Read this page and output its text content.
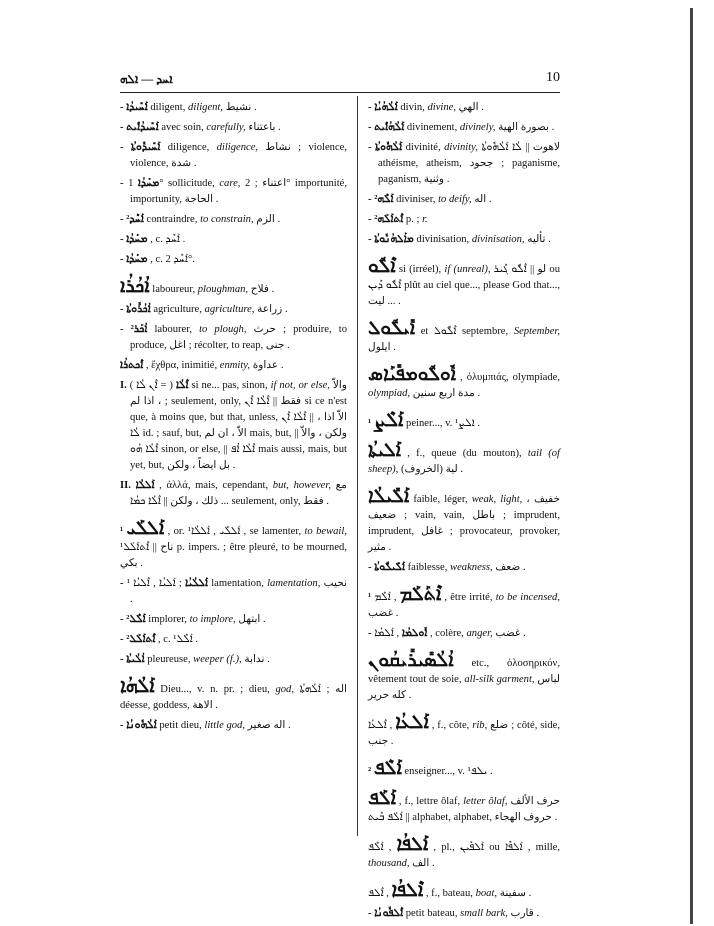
ܐܚܕ — ܐܠܗ	10
- ܐܰܚܺܝܕܳܐ diligent, diligent, نشيط .
- ܐܰܚܺܝܕܳܐܺܝܬ avec soin, carefully, باعتناء .
- ܐܰܚܺܝܕܽܘܬܳܐ diligence, diligence, نشاط ; violence, violence, شدة .
- ܡܚܰܕܳܐ 1° sollicitude, care, اعتناء ; 2° importunité, importunity, الحاجة .
- ²ܐܰܚܶܕ contraindre, to constrain, الزم .
- ܡܚܰܕܳܐ , c. ܐܰܚܶܕ .
- ܡܚܰܕܳܐ , c. ܐܰܚܶܕ 2°.
ܐܳܟܳܪܳܐ laboureur, ploughman, فلاح .
- ܐܳܟܳܪܽܘܬܳܐ agriculture, agriculture, زراعة .
- ²ܐܳܟܰܪ labourer, to plough, حرث ; produire, to produce, اغل ; récolter, to reap, جنى .
ܐܶܟܬܪܳܐ , ἔχθρα, inimitié, enmity, عداوة .
I.	ܐܶܠܳܐ ( = ܐܶܢ ܠܳܐ ) si ne... pas, sinon, if not, or else, والاّ ، اذا لم ; seulement, only, فقط || ܐܶܠܳܐ ܐܶܢ si ce n'est que, à moins que, but that, unless, الاّ اذا ، || ܐܶܠܳܐ ܐܶܢ ܠܳܐ id. ; sauf, but, الاّ ، ان لم mais, but, ولكن ، والاّ || ܐܶܠܳܐ ܗܳܘ sinon, or else, || ܐܶܠܳܐ ܐܳܦ mais aussi, mais, but yet, but, بل ايضاً ، ولكن .
II. ܐܰܠܠܳܐ , ἀλλά, mais, cependant, but, however, مع ذلك ، ولكن || ܐܶܠܳܐ ܟܡܳܐ ... seulement, only, فقط .
¹ ܐܰܠܠܰܝ , or. ¹ܐܰܠܠܺܝ , ܐܰܠܠܳܐ , se lamenter, to bewail, ناح || ܐܶܬܐܰܠܰܠ¹ p. impers. ; être pleuré, to be mourned, بكي .
-	ܐܰܠܠܳܝܳܐ ; ܐܰܠܝܳܐ , ܐܶܠܝܳܐ ¹ lamentation, lamentation, نحيب .
- ²ܐܰܠܶܠ implorer, to implore, ابتهل .
- ²ܐܶܬܐܰܠܰܠ , c. ¹ܐܰܠܶܠ .
- ܐܳܠܳܝܬܳܐ pleureuse, weeper (f.), ندابة .
ܐܰܠܳܗܳܐ Dieu..., v. n. pr. ; dieu, god, اله ; ܐܰܠܳܗܬܳܐ déesse, goddess, الاهة .
- ܐܰܠܳܗܽܘܢܳܐ petit dieu, little god, اله صغير .
- ܐܰܠܳܗܳܝܳܐ divin, divine, الهي .
- ܐܰܠܳܗܳܐܺܝܬ divinement, divinely, بصورة الهية .
- ܐܰܠܳܗܽܘܬܳܐ divinité, divinity, لاهوت || ܠܳܐ ܐܰܠܳܗܽܘܬܳܐ athéisme, atheism, جحود ; paganisme, paganism, وثنية .
- ²ܐܰܠܶܗ diviniser, to deify, اله .
- ²ܐܶܬܐܰܠܰܗ p. ; r.
- ܡܐܰܠܗܳܢܽܘܬܳܐ divinisation, divinisation, تأليه .
ܐܶܠܽܘ si (irréel), if (unreal), لو || ܐܶܠܽܘ ܓܶܝܪ ou ܐܶܠܽܘ ܕܶܝܢ plût au ciel que..., please God that..., ليت ... .
ܐܺܝܠܽܘܠ et ܐܶܠܽܘܠ septembre, September, ايلول .
ܐܽܘܠܽܘܡܦܺܝܰܐܣ , ὀλυμπιάς, olympiade, olympiad, مدة اربع سنين .
¹ ܐܰܠܶܨ peiner..., v. ¹ܐܠܨ .
ܐܰܠܝܬܳܐ , f., queue (du mouton), tail (of sheep), لية (الخروف) .
ܐܰܠܺܝܠܳܐ faible, léger, weak, light, خفيف ، ضعيف ; vain, vain, باطل ; imprudent, imprudent, غافل ; provocateur, provoker, مثير .
- ܐܰܠܺܝܠܽܘܬܳܐ faiblesse, weakness, ضعف .
¹ ܐܶܬܰܠܰܡ , ܐܰܠܶܡ , être irrité, to be incensed, غضب .
-	ܐܽܘܠܡܳܐ , ܐܰܠܡܳܐ , colère, anger, غضب .
ܐܳܠܳܣܺܝܪܺܝܩܳܘܢ etc., ὁλοσηρικόν, vêtement tout de soie, all-silk garment, لباس كله حرير .
ܐܰܠܥܳܐ , ܐܶܠܥܳܐ , f., côte, rib, ضلع ; côté, side, جنب .
² ܐܰܠܶܦ enseigner..., v. ¹ܝܠܦ .
ܐܰܠܰܦ , f., lettre ôlaf, letter ôlaf, حرف الألف || ܐܰܠܰܦ ܒܶܝܬ alphabet, alphabet, حروف الهجاء .
ܐܰܠܦܳܐ , ܐܰܠܶܦ , pl., ܐܰܠܦܺܝܢ ou ܐܰܠܦܶܐ , mille, thousand, الف .
ܐܶܠܦܳܐ , ܐܶܠܦ , f., bateau, boat, سفينة .
- ܐܶܠܦܽܘܢܳܐ petit bateau, small bark, قارب .
